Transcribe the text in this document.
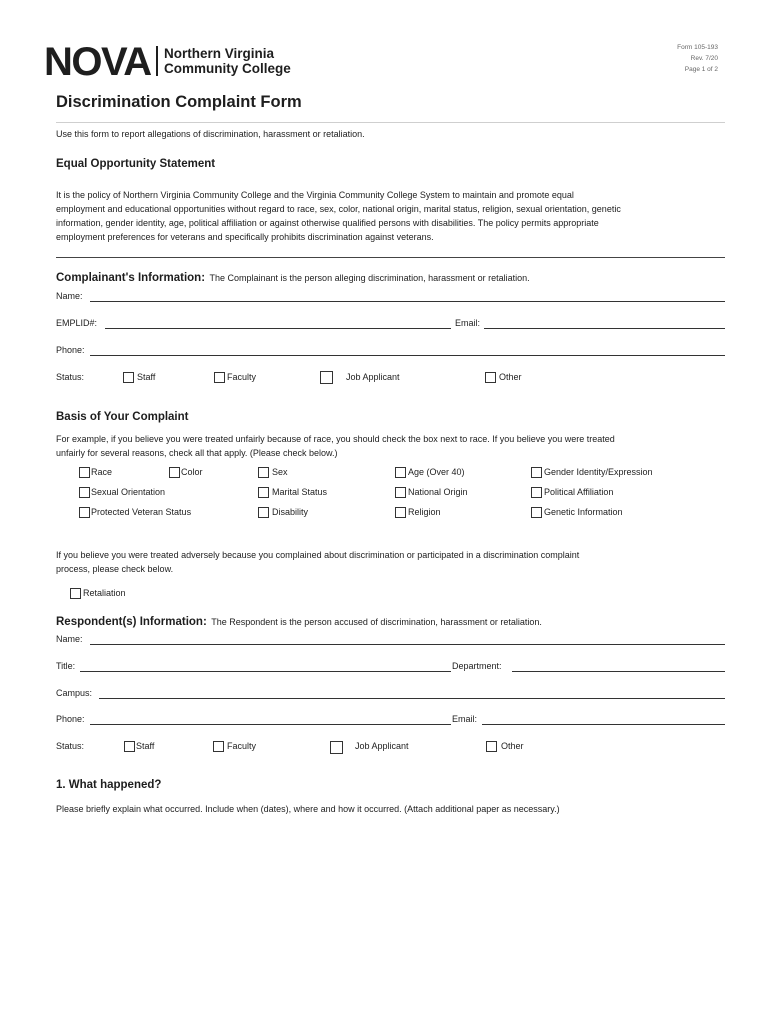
NOVA Northern Virginia
Community College
Form 105-193
Rev. 7/20
Page 1 of 2
Discrimination Complaint Form
Use this form to report allegations of discrimination, harassment or retaliation.
Equal Opportunity Statement
It is the policy of Northern Virginia Community College and the Virginia Community College System to maintain and promote equal
employment and educational opportunities without regard to race, sex, color, national origin, marital status, religion, sexual orientation, genetic
information, gender identity, age, political affiliation or against otherwise qualified persons with disabilities. The policy permits appropriate
employment preferences for veterans and specifically prohibits discrimination against veterans.
Complainant's Information: The Complainant is the person alleging discrimination, harassment or retaliation.
Name:
EMPLID#:	Email:
Phone:
Status:	Staff	Faculty	Job Applicant	Other
Basis of Your Complaint
For example, if you believe you were treated unfairly because of race, you should check the box next to race. If you believe you were treated
unfairly for several reasons, check all that apply. (Please check below.)
Race	Color	Sex	Age (Over 40)	Gender Identity/Expression
Sexual Orientation	Marital Status	National Origin	Political Affiliation
Protected Veteran Status	Disability	Religion	Genetic Information
If you believe you were treated adversely because you complained about discrimination or participated in a discrimination complaint
process, please check below.
Retaliation
Respondent(s) Information: The Respondent is the person accused of discrimination, harassment or retaliation.
Name:
Title:	Department:
Campus:
Phone:	Email:
Status:	Staff	Faculty	Job Applicant	Other
1. What happened?
Please briefly explain what occurred. Include when (dates), where and how it occurred. (Attach additional paper as necessary.)
